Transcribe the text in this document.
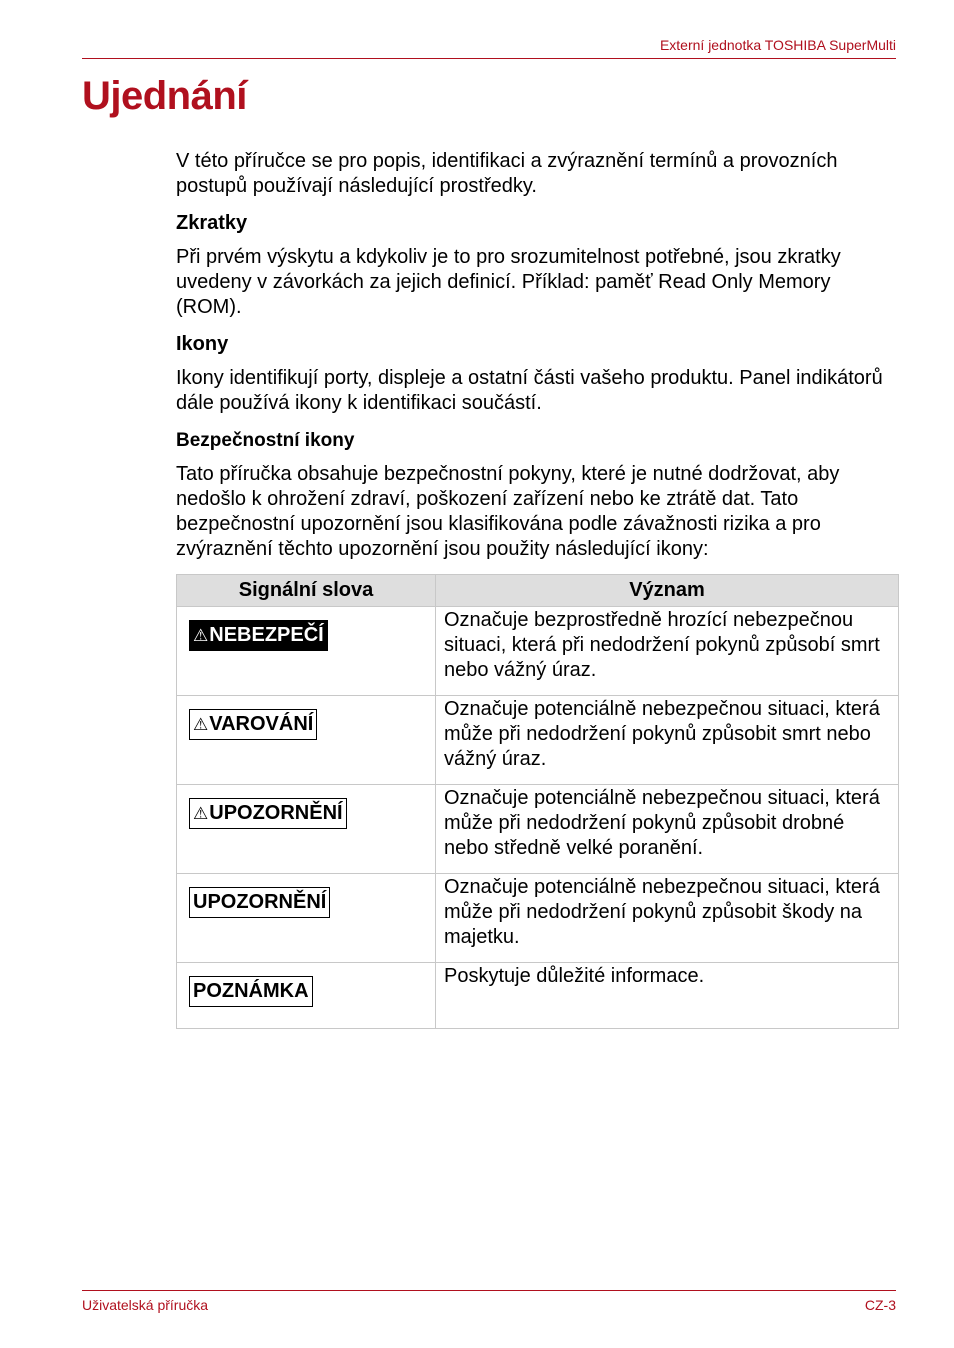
Externí jednotka TOSHIBA SuperMulti
Ujednání

V této příručce se pro popis, identifikaci a zvýraznění termínů a provozních postupů používají následující prostředky.

Zkratky

Při prvém výskytu a kdykoliv je to pro srozumitelnost potřebné, jsou zkratky uvedeny v závorkách za jejich definicí. Příklad: paměť Read Only Memory (ROM).

Ikony

Ikony identifikují porty, displeje a ostatní části vašeho produktu. Panel indikátorů dále používá ikony k identifikaci součástí.

Bezpečnostní ikony

Tato příručka obsahuje bezpečnostní pokyny, které je nutné dodržovat, aby nedošlo k ohrožení zdraví, poškození zařízení nebo ke ztrátě dat. Tato bezpečnostní upozornění jsou klasifikována podle závažnosti rizika a pro zvýraznění těchto upozornění jsou použity následující ikony:

Signální slova	Význam

⚠ NEBEZPEČÍ	Označuje bezprostředně hrozící nebezpečnou situaci, která při nedodržení pokynů způsobí smrt nebo vážný úraz.

⚠ VAROVÁNÍ	Označuje potenciálně nebezpečnou situaci, která může při nedodržení pokynů způsobit smrt nebo vážný úraz.

⚠ UPOZORNĚNÍ	Označuje potenciálně nebezpečnou situaci, která může při nedodržení pokynů způsobit drobné nebo středně velké poranění.

UPOZORNĚNÍ	Označuje potenciálně nebezpečnou situaci, která může při nedodržení pokynů způsobit škody na majetku.

POZNÁMKA	Poskytuje důležité informace.
Uživatelská příručka	CZ-3
